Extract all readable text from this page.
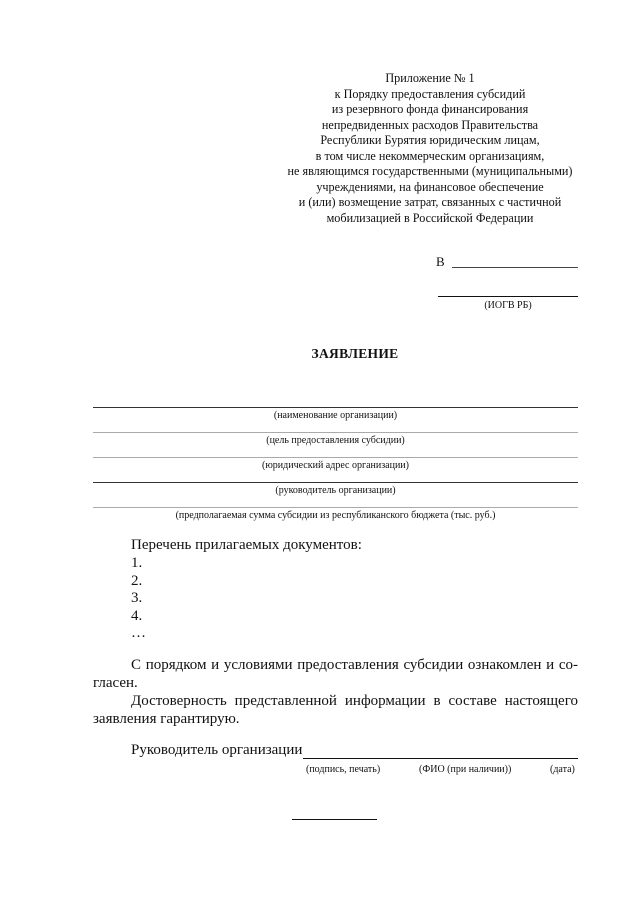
Приложение № 1
к Порядку предоставления субсидий
из резервного фонда финансирования
непредвиденных расходов Правительства
Республики Бурятия юридическим лицам,
в том числе некоммерческим организациям,
не являющимся государственными (муниципальными)
учреждениями, на финансовое обеспечение
и (или) возмещение затрат, связанных с частичной
мобилизацией в Российской Федерации
В
(ИОГВ РБ)
ЗАЯВЛЕНИЕ
(наименование организации)
(цель предоставления субсидии)
(юридический адрес организации)
(руководитель организации)
(предполагаемая сумма субсидии из республиканского бюджета (тыс. руб.)
Перечень прилагаемых документов:
1.
2.
3.
4.
…
С порядком и условиями предоставления субсидии ознакомлен и со-гласен.
Достоверность представленной информации в составе настоящего заявления гарантирую.
Руководитель организации
(подпись, печать)	(ФИО (при наличии))	(дата)
